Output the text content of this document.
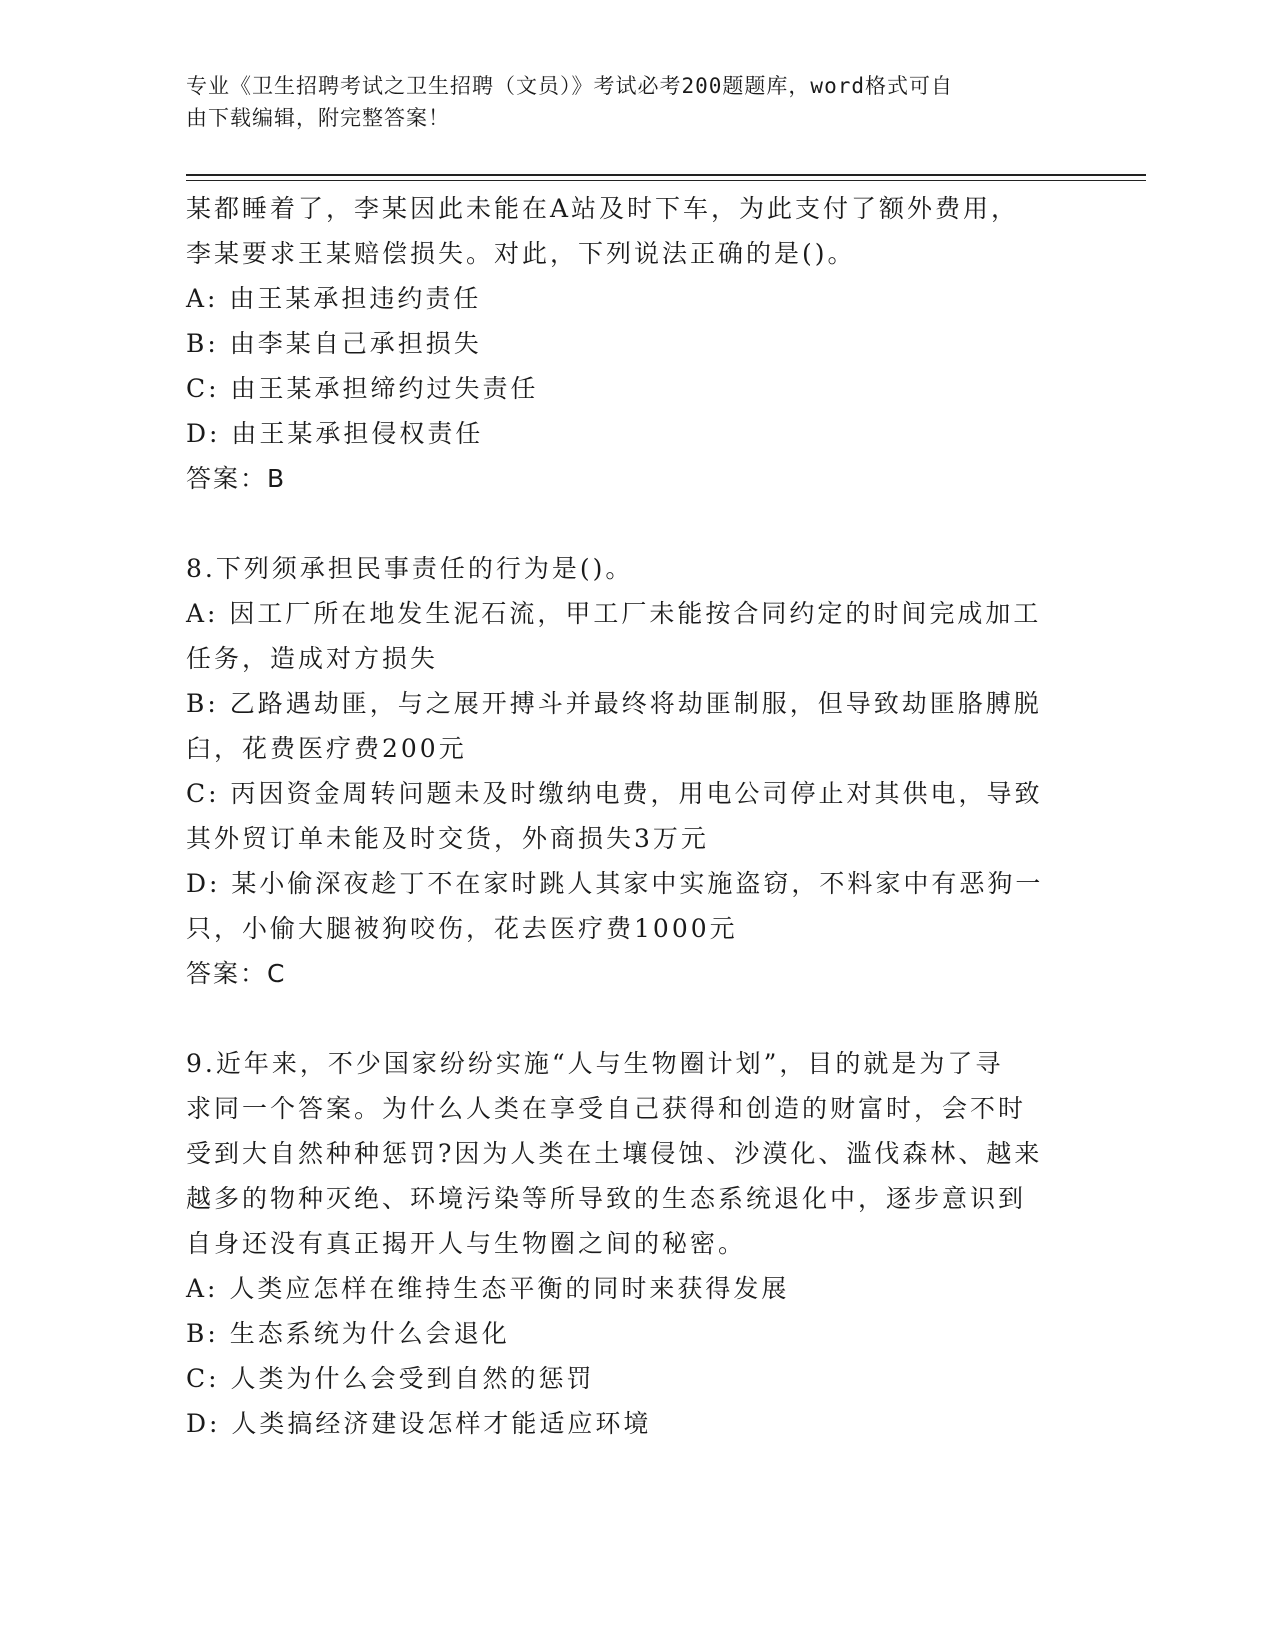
专业《卫生招聘考试之卫生招聘（文员）》考试必考200题题库，word格式可自
由下载编辑，附完整答案！
某都睡着了，李某因此未能在A站及时下车，为此支付了额外费用，
李某要求王某赔偿损失。对此，下列说法正确的是()。
A: 由王某承担违约责任
B: 由李某自己承担损失
C: 由王某承担缔约过失责任
D: 由王某承担侵权责任
答案：B
8.下列须承担民事责任的行为是()。
A: 因工厂所在地发生泥石流，甲工厂未能按合同约定的时间完成加工
任务，造成对方损失
B: 乙路遇劫匪，与之展开搏斗并最终将劫匪制服，但导致劫匪胳膊脱
臼，花费医疗费200元
C: 丙因资金周转问题未及时缴纳电费，用电公司停止对其供电，导致
其外贸订单未能及时交货，外商损失3万元
D: 某小偷深夜趁丁不在家时跳人其家中实施盗窃，不料家中有恶狗一
只，小偷大腿被狗咬伤，花去医疗费1000元
答案：C
9.近年来，不少国家纷纷实施“人与生物圈计划”，目的就是为了寻
求同一个答案。为什么人类在享受自己获得和创造的财富时，会不时
受到大自然种种惩罚?因为人类在土壤侵蚀、沙漠化、滥伐森林、越来
越多的物种灭绝、环境污染等所导致的生态系统退化中，逐步意识到
自身还没有真正揭开人与生物圈之间的秘密。
A: 人类应怎样在维持生态平衡的同时来获得发展
B: 生态系统为什么会退化
C: 人类为什么会受到自然的惩罚
D: 人类搞经济建设怎样才能适应环境
